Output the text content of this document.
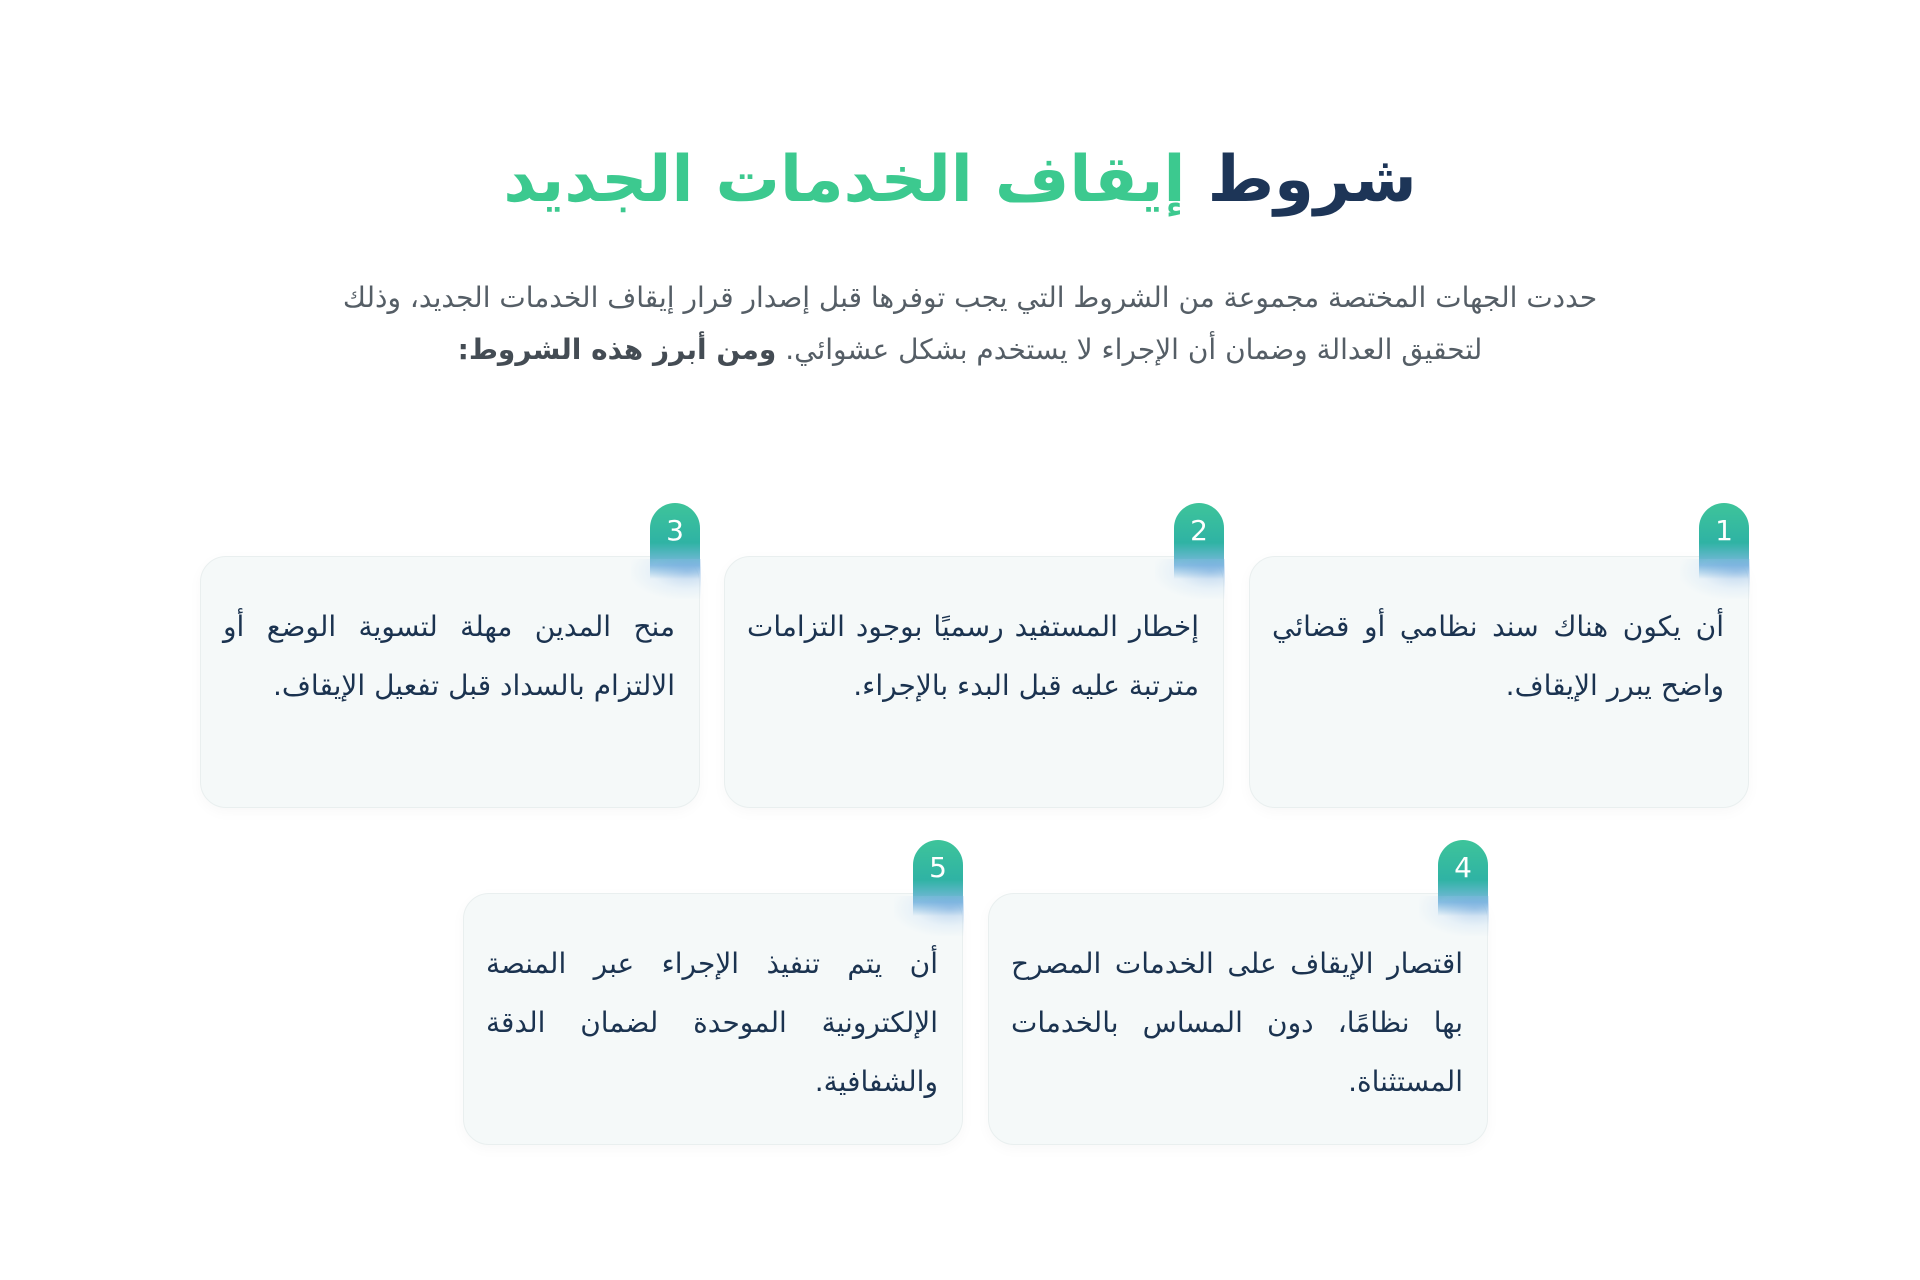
شروط إيقاف الخدمات الجديد

حددت الجهات المختصة مجموعة من الشروط التي يجب توفرها قبل إصدار قرار إيقاف الخدمات الجديد، وذلك لتحقيق العدالة وضمان أن الإجراء لا يستخدم بشكل عشوائي. ومن أبرز هذه الشروط:

1

أن يكون هناك سند نظامي أو قضائي واضح يبرر الإيقاف.

2

إخطار المستفيد رسميًا بوجود التزامات مترتبة عليه قبل البدء بالإجراء.

3

منح المدين مهلة لتسوية الوضع أو الالتزام بالسداد قبل تفعيل الإيقاف.

4

اقتصار الإيقاف على الخدمات المصرح بها نظامًا، دون المساس بالخدمات المستثناة.

5

أن يتم تنفيذ الإجراء عبر المنصة الإلكترونية الموحدة لضمان الدقة والشفافية.
